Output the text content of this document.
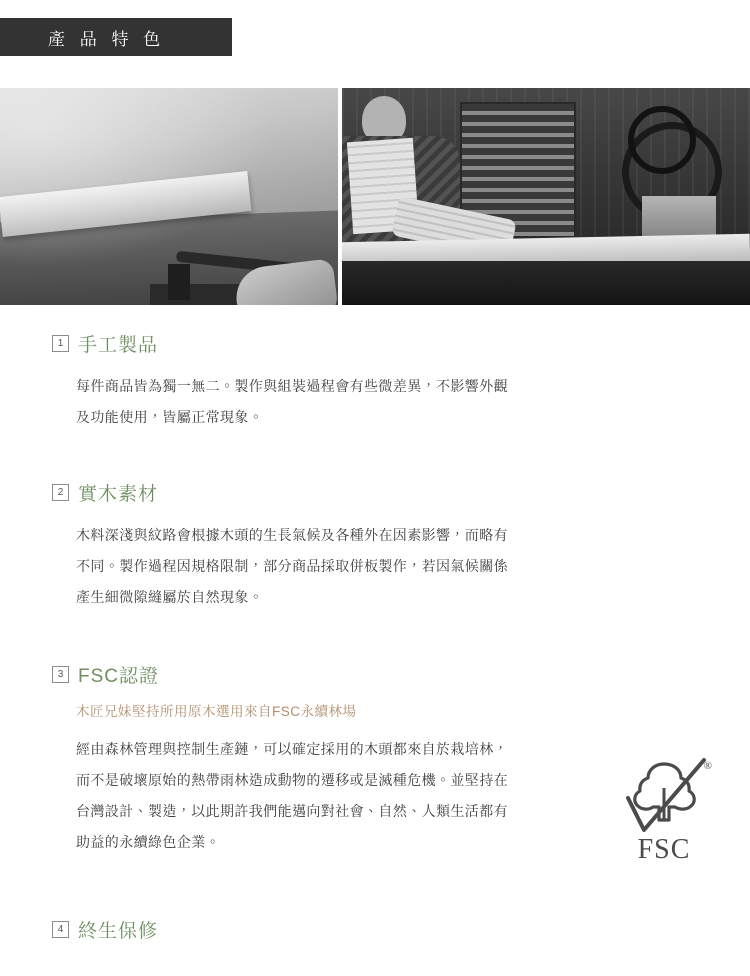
產 品 特 色
1 手工製品

每件商品皆為獨一無二。製作與組裝過程會有些微差異，不影響外觀

及功能使用，皆屬正常現象。

2 實木素材

木料深淺與紋路會根據木頭的生長氣候及各種外在因素影響，而略有

不同。製作過程因規格限制，部分商品採取併板製作，若因氣候關係

產生細微隙縫屬於自然現象。

3 FSC認證
木匠兄妹堅持所用原木選用來自FSC永續林場

經由森林管理與控制生產鏈，可以確定採用的木頭都來自於栽培林，

而不是破壞原始的熱帶雨林造成動物的遷移或是滅種危機。並堅持在

台灣設計、製造，以此期許我們能邁向對社會、自然、人類生活都有

助益的永續綠色企業。

4 終生保修
®
FSC
